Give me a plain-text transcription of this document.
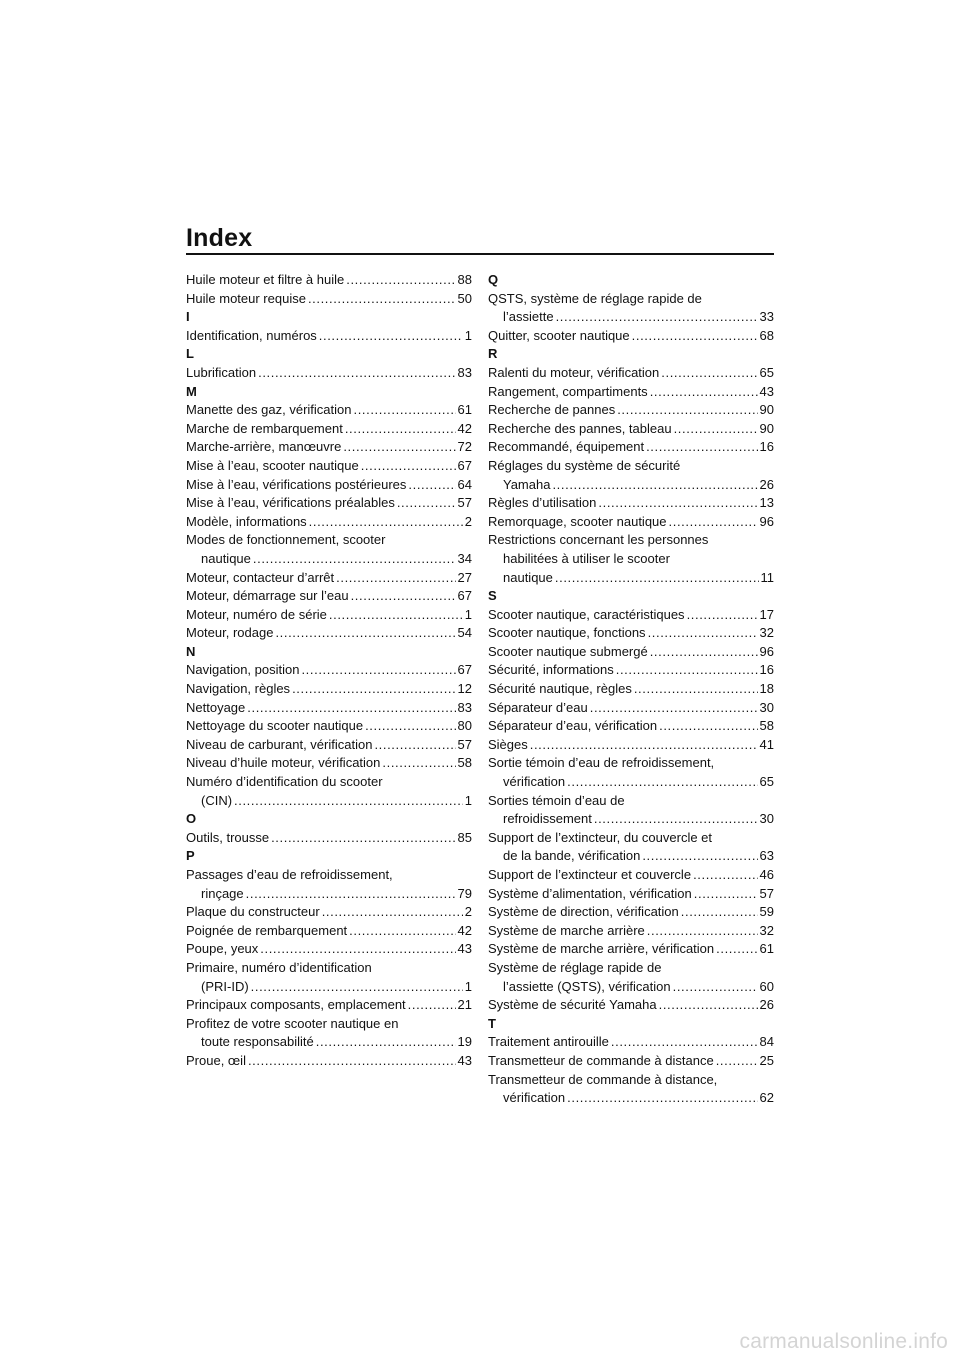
Index
Huile moteur et filtre à huile .....	88
Huile moteur requise .....	50
I
Identification, numéros .....	1
L
Lubrification .....	83
M
Manette des gaz, vérification .....	61
Marche de rembarquement .....	42
Marche-arrière, manœuvre .....	72
Mise à l’eau, scooter nautique .....	67
Mise à l’eau, vérifications postérieures .....	64
Mise à l’eau, vérifications préalables .....	57
Modèle, informations .....	2
Modes de fonctionnement, scooter
nautique .....	34
Moteur, contacteur d’arrêt .....	27
Moteur, démarrage sur l’eau .....	67
Moteur, numéro de série .....	1
Moteur, rodage .....	54
N
Navigation, position .....	67
Navigation, règles .....	12
Nettoyage .....	83
Nettoyage du scooter nautique .....	80
Niveau de carburant, vérification .....	57
Niveau d’huile moteur, vérification .....	58
Numéro d’identification du scooter
(CIN) .....	1
O
Outils, trousse .....	85
P
Passages d’eau de refroidissement,
rinçage .....	79
Plaque du constructeur .....	2
Poignée de rembarquement .....	42
Poupe, yeux .....	43
Primaire, numéro d’identification
(PRI-ID) .....	1
Principaux composants, emplacement .....	21
Profitez de votre scooter nautique en
toute responsabilité .....	19
Proue, œil .....	43
Q
QSTS, système de réglage rapide de
l’assiette .....	33
Quitter, scooter nautique .....	68
R
Ralenti du moteur, vérification .....	65
Rangement, compartiments .....	43
Recherche de pannes .....	90
Recherche des pannes, tableau .....	90
Recommandé, équipement .....	16
Réglages du système de sécurité
Yamaha .....	26
Règles d’utilisation .....	13
Remorquage, scooter nautique .....	96
Restrictions concernant les personnes
habilitées à utiliser le scooter
nautique .....	11
S
Scooter nautique, caractéristiques .....	17
Scooter nautique, fonctions .....	32
Scooter nautique submergé .....	96
Sécurité, informations .....	16
Sécurité nautique, règles .....	18
Séparateur d’eau .....	30
Séparateur d’eau, vérification .....	58
Sièges .....	41
Sortie témoin d’eau de refroidissement,
vérification .....	65
Sorties témoin d’eau de
refroidissement .....	30
Support de l’extincteur, du couvercle et
de la bande, vérification .....	63
Support de l’extincteur et couvercle .....	46
Système d’alimentation, vérification .....	57
Système de direction, vérification .....	59
Système de marche arrière .....	32
Système de marche arrière, vérification .....	61
Système de réglage rapide de
l’assiette (QSTS), vérification .....	60
Système de sécurité Yamaha .....	26
T
Traitement antirouille .....	84
Transmetteur de commande à distance .....	25
Transmetteur de commande à distance,
vérification .....	62
carmanualsonline.info
